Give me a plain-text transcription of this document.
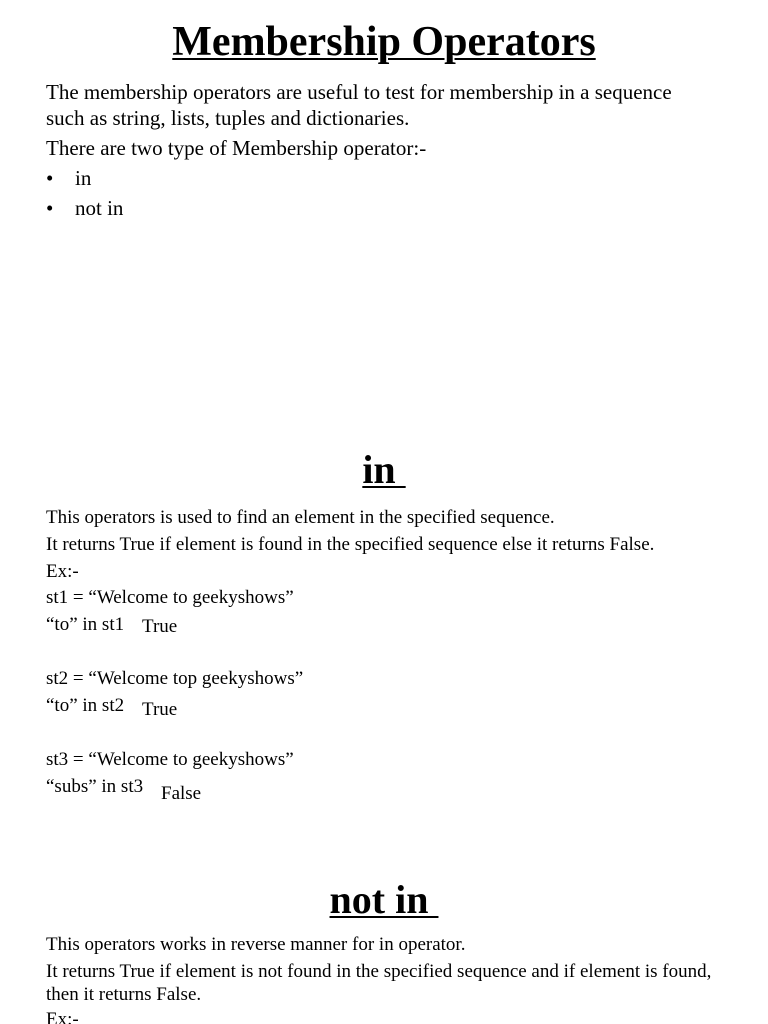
Membership Operators
The membership operators are useful to test for membership in a sequence
such as string, lists, tuples and dictionaries.
There are two type of Membership operator:-
• in
• not in
in
This operators is used to find an element in the specified sequence.
It returns True if element is found in the specified sequence else it returns False.
Ex:-
st1 = “Welcome to geekyshows”
“to” in st1 True
st2 = “Welcome top geekyshows”
“to” in st2 True
st3 = “Welcome to geekyshows”
“subs” in st3 False
not in
This operators works in reverse manner for in operator.
It returns True if element is not found in the specified sequence and if element is found,
then it returns False.
Ex:-
